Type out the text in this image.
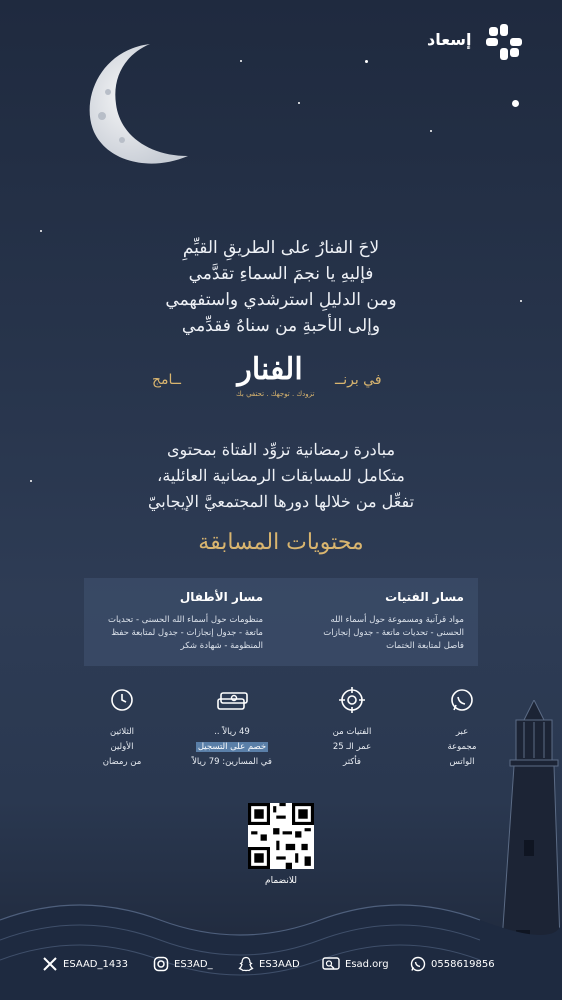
إسعاد
لاحَ الفنارُ على الطريقِ القيِّمِ
فإليهِ يا نجمَ السماءِ تقدَّمي
ومن الدليلِ استرشدي واستفهمي
وإلى الأحبةِ من سناهُ فقدِّمي
في برنــ
الفنار
ــامج
تزودك . توجهك . تحتفي بك
مبادرة رمضانية تزوِّد الفتاة بمحتوى
متكامل للمسابقات الرمضانية العائلية،
تفعِّل من خلالها دورها المجتمعيَّ الإيجابيّ
محتويات المسابقة
مسار الفتيات

مواد قرآنية ومسموعة حول أسماء الله

الحسنى - تحديات ماتعة - جدول إنجازات

فاصل لمتابعة الختمات

مسار الأطفال

منظومات حول أسماء الله الحسنى - تحديات

ماتعة - جدول إنجازات - جدول لمتابعة حفظ

المنظومة - شهادة شكر

عبر
مجموعة
الواتس
الفتيات من
عمر الـ 25
فأكثر
49 ريالاً ..
خصم على التسجيل
في المسارين: 79 ريالاً
الثلاثين
الأولين
من رمضان
للانضمام
ESAAD_1433	ES3AD_	ES3AAD	Esad.org	0558619856
